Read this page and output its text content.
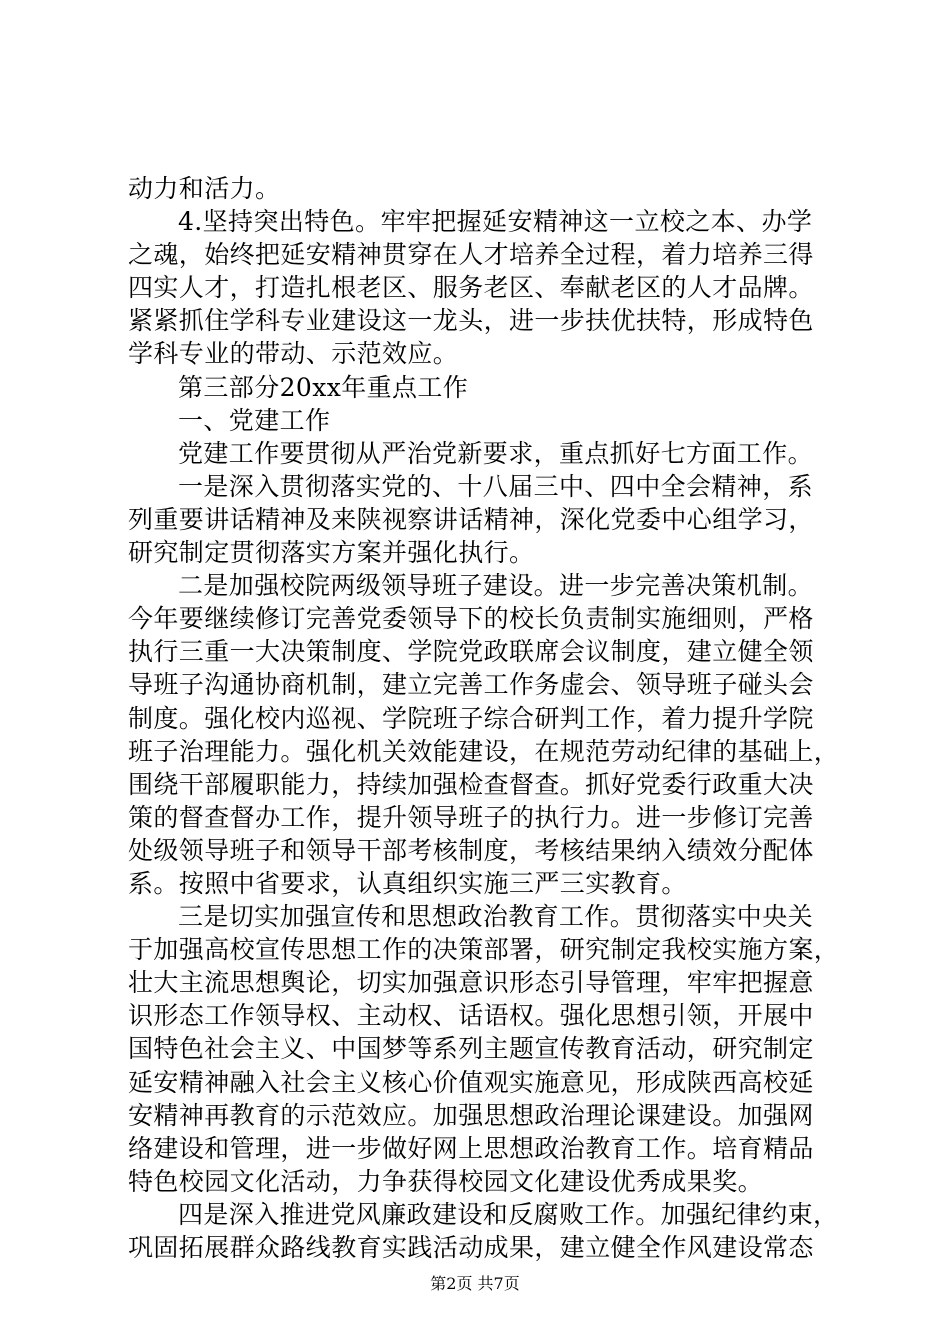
动力和活力。
4.坚持突出特色。牢牢把握延安精神这一立校之本、办学
之魂，始终把延安精神贯穿在人才培养全过程，着力培养三得
四实人才，打造扎根老区、服务老区、奉献老区的人才品牌。
紧紧抓住学科专业建设这一龙头，进一步扶优扶特，形成特色
学科专业的带动、示范效应。
第三部分20xx年重点工作
一、党建工作
党建工作要贯彻从严治党新要求，重点抓好七方面工作。
一是深入贯彻落实党的、十八届三中、四中全会精神，系
列重要讲话精神及来陕视察讲话精神，深化党委中心组学习，
研究制定贯彻落实方案并强化执行。
二是加强校院两级领导班子建设。进一步完善决策机制。
今年要继续修订完善党委领导下的校长负责制实施细则，严格
执行三重一大决策制度、学院党政联席会议制度，建立健全领
导班子沟通协商机制，建立完善工作务虚会、领导班子碰头会
制度。强化校内巡视、学院班子综合研判工作，着力提升学院
班子治理能力。强化机关效能建设，在规范劳动纪律的基础上，
围绕干部履职能力，持续加强检查督查。抓好党委行政重大决
策的督查督办工作，提升领导班子的执行力。进一步修订完善
处级领导班子和领导干部考核制度，考核结果纳入绩效分配体
系。按照中省要求，认真组织实施三严三实教育。
三是切实加强宣传和思想政治教育工作。贯彻落实中央关
于加强高校宣传思想工作的决策部署，研究制定我校实施方案，
壮大主流思想舆论，切实加强意识形态引导管理，牢牢把握意
识形态工作领导权、主动权、话语权。强化思想引领，开展中
国特色社会主义、中国梦等系列主题宣传教育活动，研究制定
延安精神融入社会主义核心价值观实施意见，形成陕西高校延
安精神再教育的示范效应。加强思想政治理论课建设。加强网
络建设和管理，进一步做好网上思想政治教育工作。培育精品
特色校园文化活动，力争获得校园文化建设优秀成果奖。
四是深入推进党风廉政建设和反腐败工作。加强纪律约束，
巩固拓展群众路线教育实践活动成果，建立健全作风建设常态
第2页 共7页
